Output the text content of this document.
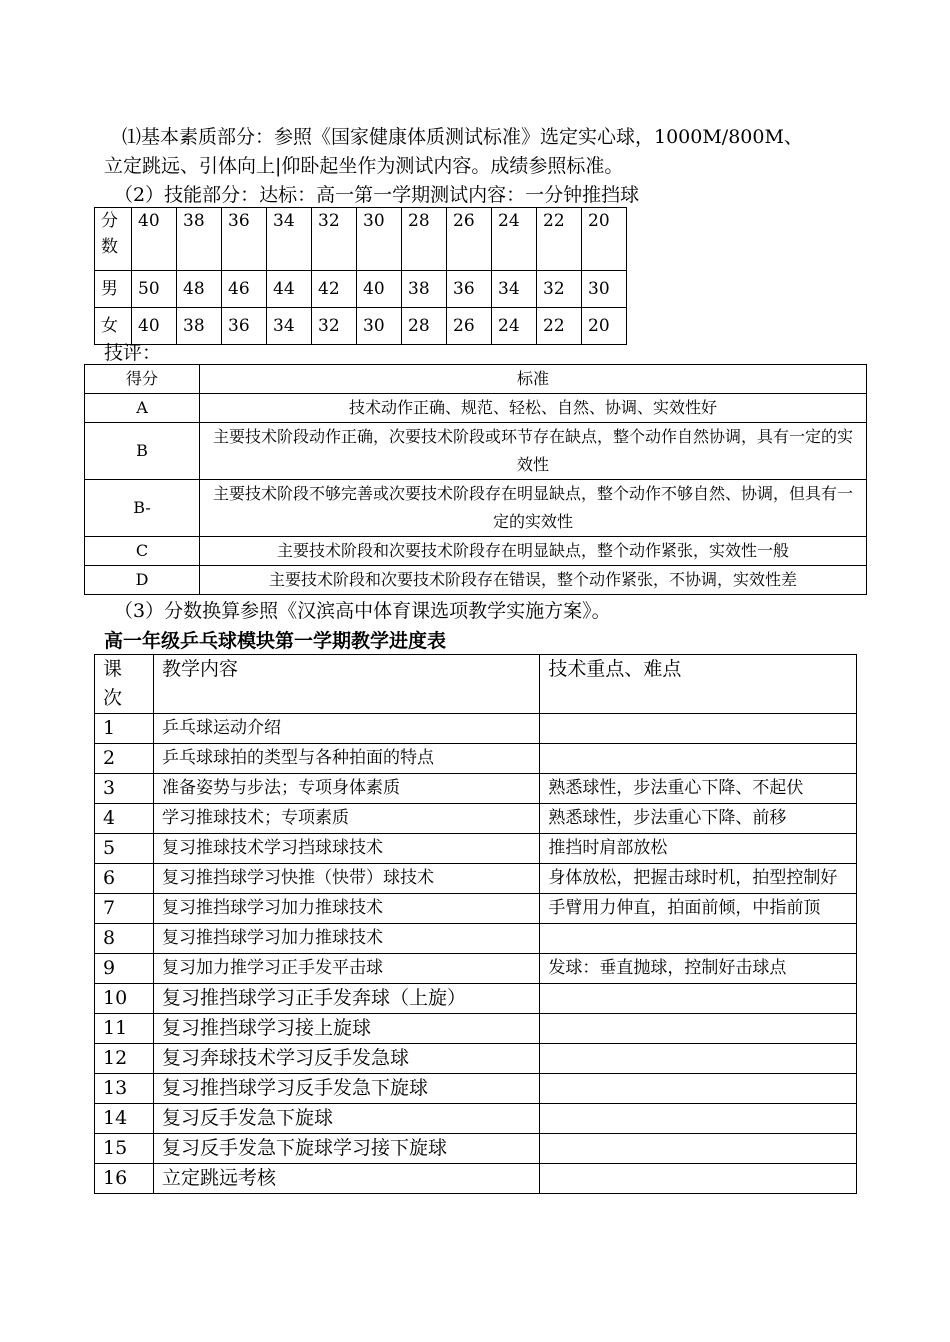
⑴基本素质部分：参照《国家健康体质测试标准》选定实心球，1000M/800M、
立定跳远、引体向上|仰卧起坐作为测试内容。成绩参照标准。
（2）技能部分：达标：高一第一学期测试内容：一分钟推挡球
分
数	40	38	36	34	32	30	28	26	24	22	20
男	50	48	46	44	42	40	38	36	34	32	30
女	40	38	36	34	32	30	28	26	24	22	20
技评：
得分	标准
A	技术动作正确、规范、轻松、自然、协调、实效性好
B	主要技术阶段动作正确，次要技术阶段或环节存在缺点，整个动作自然协调，具有一定的实效性
B-	主要技术阶段不够完善或次要技术阶段存在明显缺点，整个动作不够自然、协调，但具有一定的实效性
C	主要技术阶段和次要技术阶段存在明显缺点，整个动作紧张，实效性一般
D	主要技术阶段和次要技术阶段存在错误，整个动作紧张，不协调，实效性差
（3）分数换算参照《汉滨高中体育课选项教学实施方案》。
高一年级乒乓球模块第一学期教学进度表
课
次	教学内容	技术重点、难点
1	乒乓球运动介绍	
2	乒乓球球拍的类型与各种拍面的特点	
3	准备姿势与步法；专项身体素质	熟悉球性，步法重心下降、不起伏
4	学习推球技术；专项素质	熟悉球性，步法重心下降、前移
5	复习推球技术学习挡球球技术	推挡时肩部放松
6	复习推挡球学习快推（快带）球技术	身体放松，把握击球时机，拍型控制好
7	复习推挡球学习加力推球技术	手臂用力伸直，拍面前倾，中指前顶
8	复习推挡球学习加力推球技术	
9	复习加力推学习正手发平击球	发球：垂直抛球，控制好击球点
10	复习推挡球学习正手发奔球（上旋）	
11	复习推挡球学习接上旋球	
12	复习奔球技术学习反手发急球	
13	复习推挡球学习反手发急下旋球	
14	复习反手发急下旋球	
15	复习反手发急下旋球学习接下旋球	
16	立定跳远考核	
